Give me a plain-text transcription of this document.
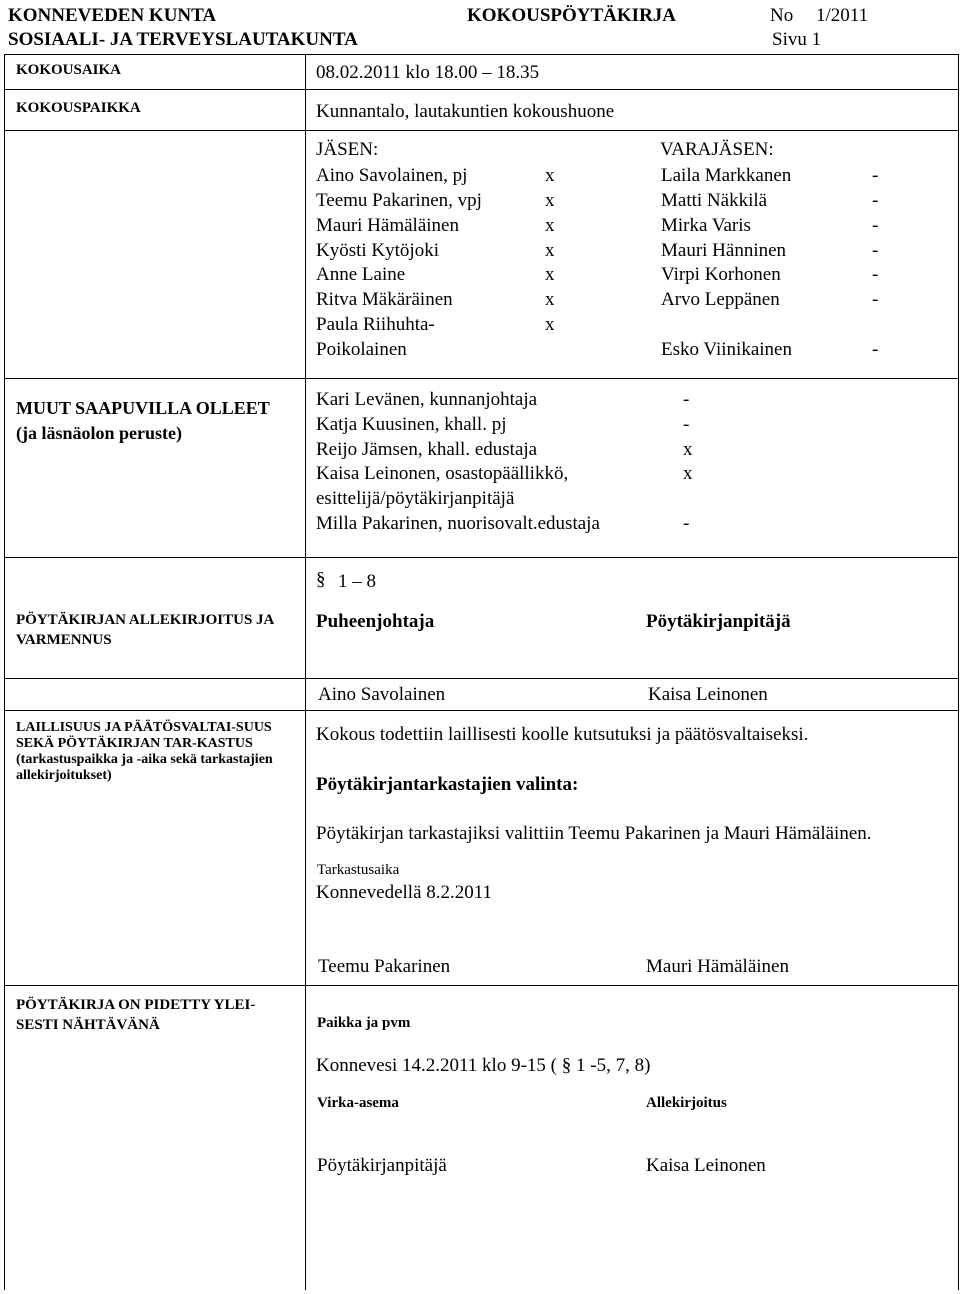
KONNEVEDEN KUNTA
SOSIAALI- JA TERVEYSLAUTAKUNTA
KOKOUSPÖYTÄKIRJA	No 1/2011
Sivu 1
KOKOUSAIKA	08.02.2011 klo 18.00 – 18.35
KOKOUSPAIKKA	Kunnantalo, lautakuntien kokoushuone
JÄSEN:	VARAJÄSEN:
Aino Savolainen, pj	x	Laila Markkanen	-
Teemu Pakarinen, vpj	x	Matti Näkkilä	-
Mauri Hämäläinen	x	Mirka Varis	-
Kyösti Kytöjoki	x	Mauri Hänninen	-
Anne Laine	x	Virpi Korhonen	-
Ritva Mäkäräinen	x	Arvo Leppänen	-
Paula Riihuhta-	x
Poikolainen	Esko Viinikainen	-
MUUT SAAPUVILLA OLLEET (ja läsnäolon peruste)
Kari Levänen, kunnanjohtaja	-
Katja Kuusinen, khall. pj	-
Reijo Jämsen, khall. edustaja	x
Kaisa Leinonen, osastopäällikkö,	x
esittelijä/pöytäkirjanpitäjä
Milla Pakarinen, nuorisovalt.edustaja	-
§ 1 – 8
PÖYTÄKIRJAN ALLEKIRJOITUS JA VARMENNUS
Puheenjohtaja	Pöytäkirjanpitäjä
Aino Savolainen	Kaisa Leinonen
LAILLISUUS JA PÄÄTÖSVALTAI-SUUS SEKÄ PÖYTÄKIRJAN TAR-KASTUS (tarkastuspaikka ja -aika sekä tarkastajien allekirjoitukset)
Kokous todettiin laillisesti koolle kutsutuksi ja päätösvaltaiseksi.
Pöytäkirjantarkastajien valinta:
Pöytäkirjan tarkastajiksi valittiin Teemu Pakarinen ja Mauri Hämäläinen.
Tarkastusaika
Konnevedellä 8.2.2011
Teemu Pakarinen	Mauri Hämäläinen
PÖYTÄKIRJA ON PIDETTY YLEI-SESTI NÄHTÄVÄNÄ	Paikka ja pvm
Konnevesi 14.2.2011 klo 9-15 ( § 1 -5, 7, 8)
Virka-asema	Allekirjoitus
Pöytäkirjanpitäjä	Kaisa Leinonen
